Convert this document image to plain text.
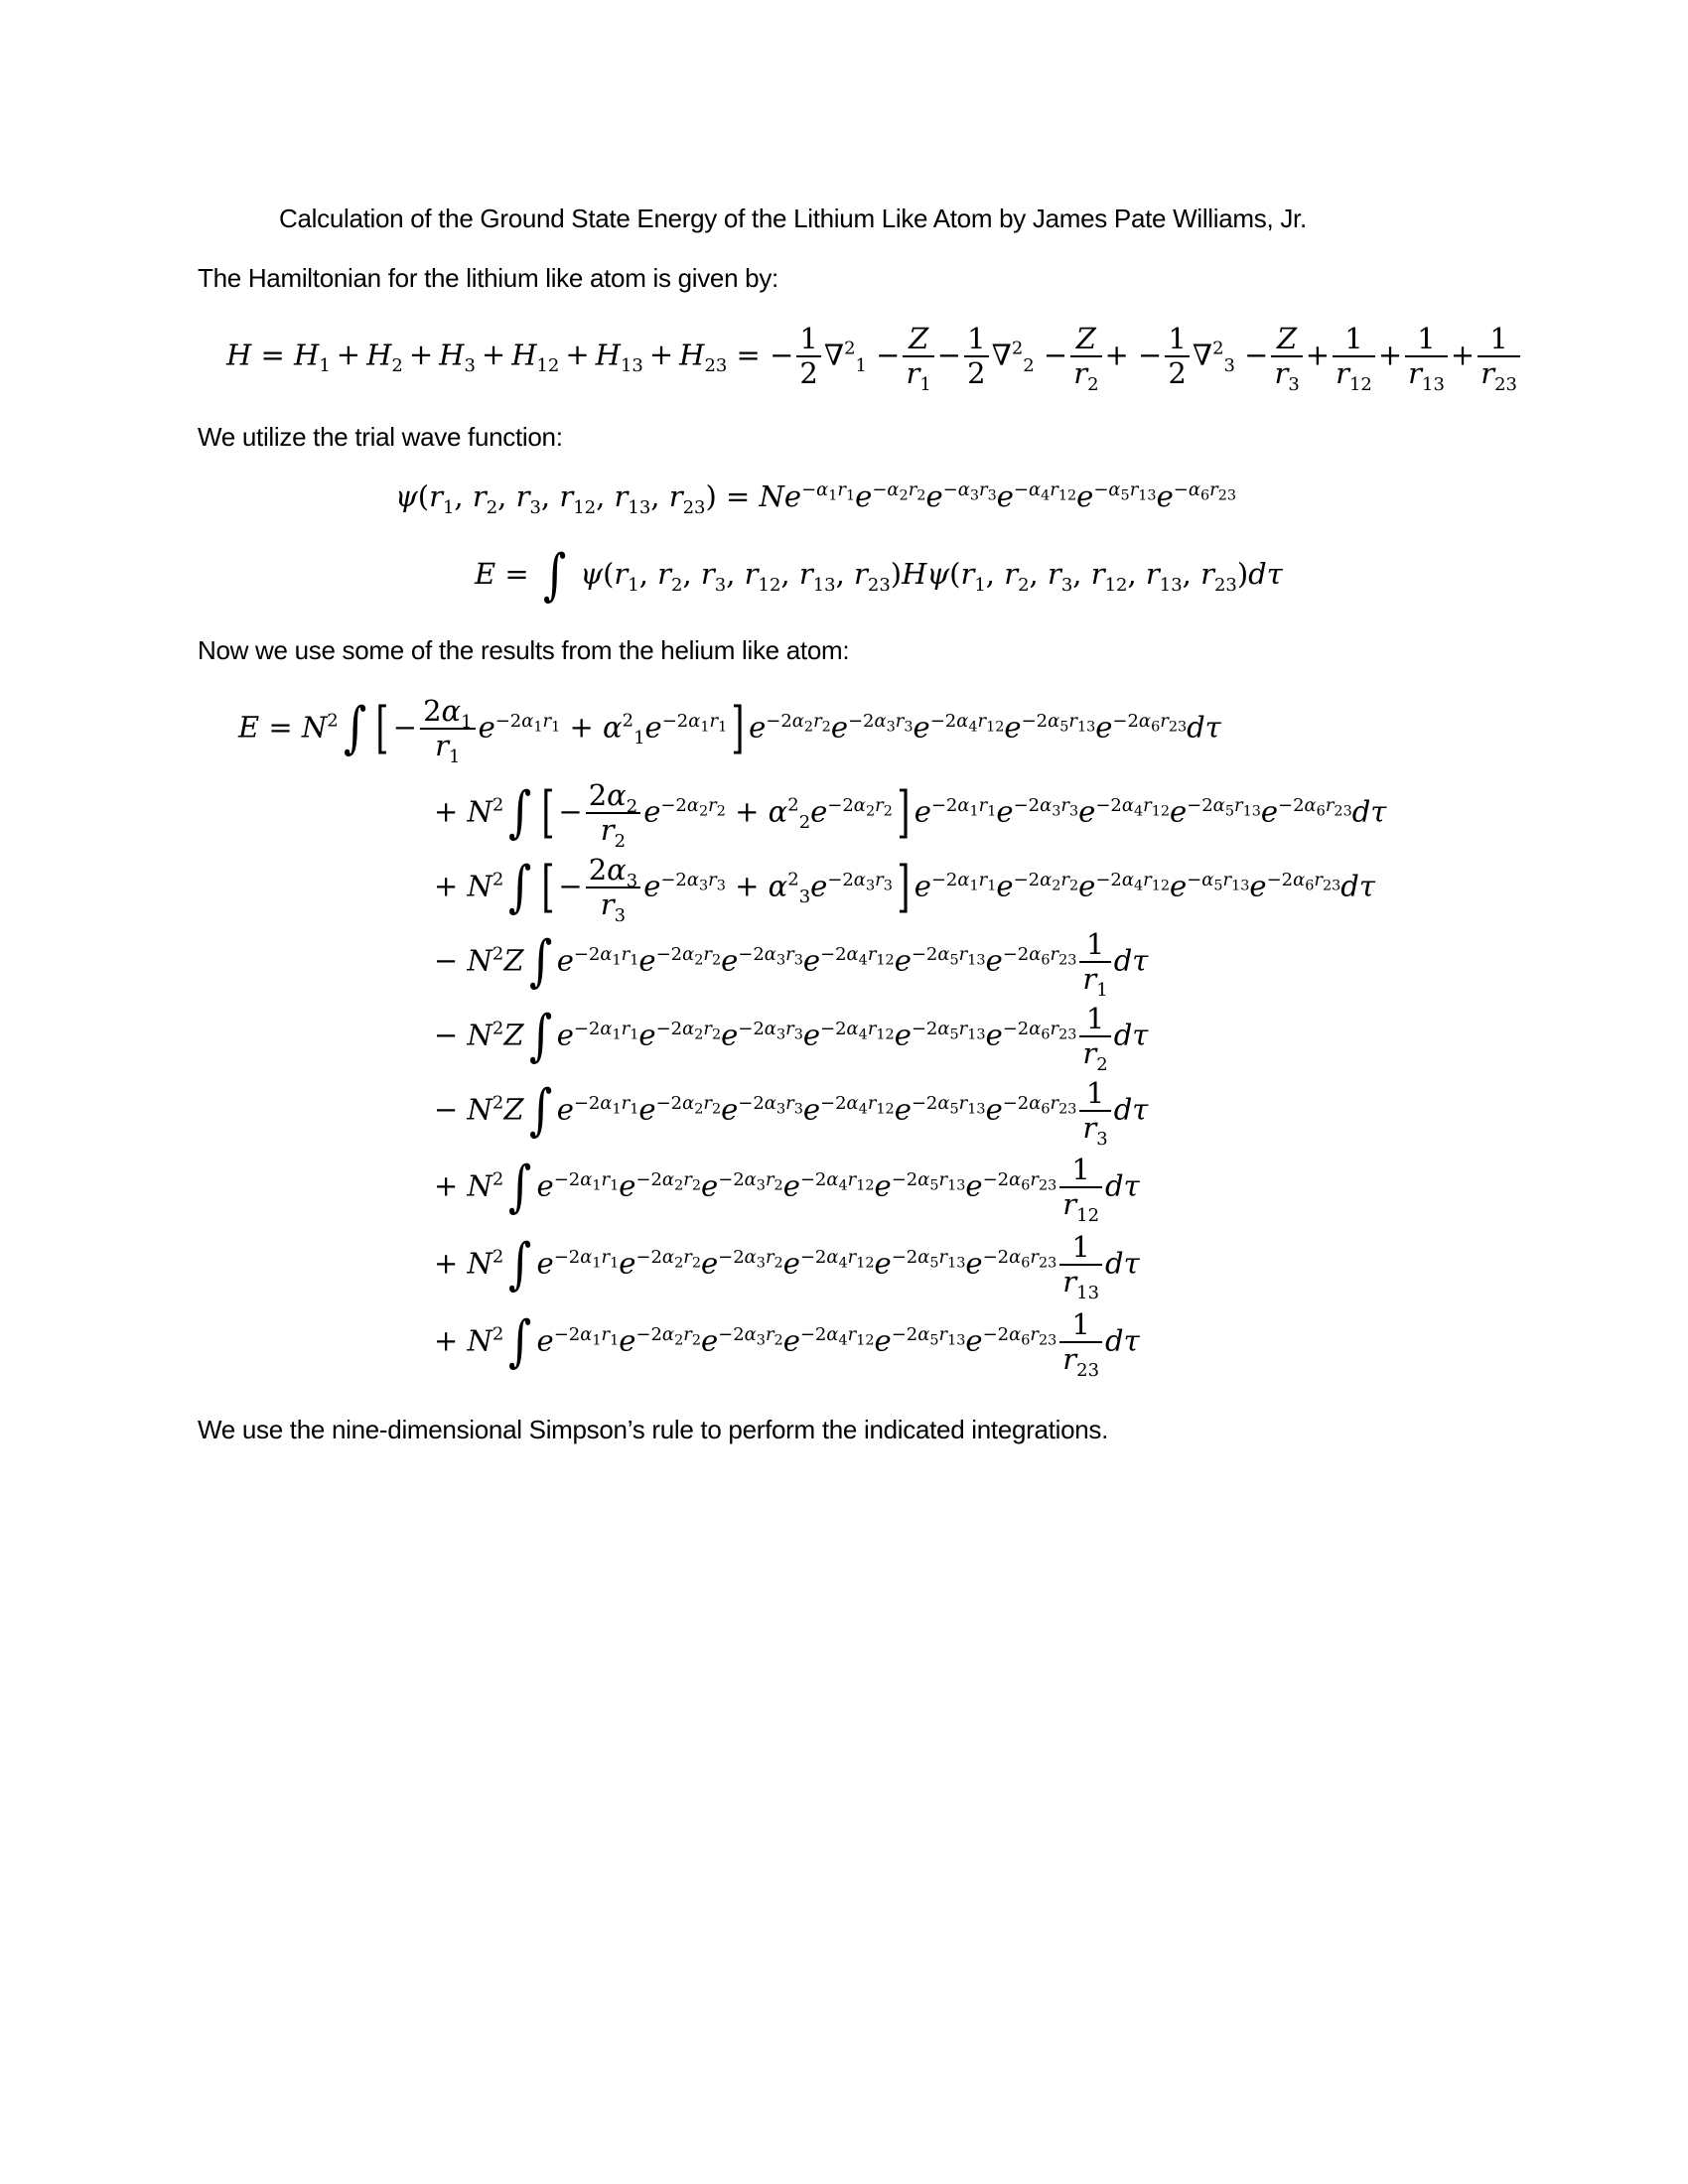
Calculation of the Ground State Energy of the Lithium Like Atom by James Pate Williams, Jr.
The Hamiltonian for the lithium like atom is given by:
$H = H_1 + H_2 + H_3 + H_{12} + H_{13} + H_{23}$ = − $\frac{1}{2} \nabla^2_1 - \frac{Z}{r_1} - \frac{1}{2} \nabla^2_2 - \frac{Z}{r_2}$ + − $\frac{1}{2} \nabla^2_3 - \frac{Z}{r_3} + \frac{1}{r_{12}} + \frac{1}{r_{13}} + \frac{1}{r_{23}}$
We utilize the trial wave function:
$\psi(r_1$, $r_2$, $r_3$, $r_{12}$, $r_{13}$, $r_{23}) = Ne^{-\alpha_1r_1}e^{-\alpha_2r_2}e^{-\alpha_3r_3}e^{-\alpha_4r_{12}}e^{-\alpha_5r_{13}}e^{-\alpha_6r_{23}}$
E = ∫ $\psi(r_1$, $r_2$, $r_3$, $r_{12}$, $r_{13}$, $r_{23})H\psi(r_1$, $r_2$, $r_3$, $r_{12}$, $r_{13}$, $r_{23})d\tau$
Now we use some of the results from the helium like atom:
$E = N^2\int$ [ − $\frac{2\alpha_1}{r_1} e^{-2\alpha_1r_1} + \alpha^2_1e^{-2\alpha_1r_1}$] $e^{-2\alpha_2r_2}e^{-2\alpha_3r_3}e^{-2\alpha_4r_{12}}e^{-2\alpha_5r_{13}}e^{-2\alpha_6r_{23}}d\tau$
+ $N^2\int$ [ − $\frac{2\alpha_2}{r_2} e^{-2\alpha_2r_2} + \alpha^2_2e^{-2\alpha_2r_2}$] $e^{-2\alpha_1r_1}e^{-2\alpha_3r_3}e^{-2\alpha_4r_{12}}e^{-2\alpha_5r_{13}}e^{-2\alpha_6r_{23}}d\tau$
+ $N^2\int$ [ − $\frac{2\alpha_3}{r_3} e^{-2\alpha_3r_3} + \alpha^2_3e^{-2\alpha_3r_3}$] $e^{-2\alpha_1r_1}e^{-2\alpha_2r_2}e^{-2\alpha_4r_{12}}e^{-\alpha_5r_{13}}e^{-2\alpha_6r_{23}}d\tau$
− $N^2Z\int$ $e^{-2\alpha_1r_1}e^{-2\alpha_2r_2}e^{-2\alpha_3r_3}e^{-2\alpha_4r_{12}}e^{-2\alpha_5r_{13}}e^{-2\alpha_6r_{23}} \frac{1}{r_1}$ dτ
− $N^2Z\int$ $e^{-2\alpha_1r_1}e^{-2\alpha_2r_2}e^{-2\alpha_3r_3}e^{-2\alpha_4r_{12}}e^{-2\alpha_5r_{13}}e^{-2\alpha_6r_{23}} \frac{1}{r_2}$ dτ
− $N^2Z\int$ $e^{-2\alpha_1r_1}e^{-2\alpha_2r_2}e^{-2\alpha_3r_3}e^{-2\alpha_4r_{12}}e^{-2\alpha_5r_{13}}e^{-2\alpha_6r_{23}} \frac{1}{r_3}$ dτ
+ $N^2\int$ $e^{-2\alpha_1r_1}e^{-2\alpha_2r_2}e^{-2\alpha_3r_2}e^{-2\alpha_4r_{12}}e^{-2\alpha_5r_{13}}e^{-2\alpha_6r_{23}} \frac{1}{r_{12}}$ dτ
+ $N^2\int$ $e^{-2\alpha_1r_1}e^{-2\alpha_2r_2}e^{-2\alpha_3r_2}e^{-2\alpha_4r_{12}}e^{-2\alpha_5r_{13}}e^{-2\alpha_6r_{23}} \frac{1}{r_{13}}$ dτ
+ $N^2\int$ $e^{-2\alpha_1r_1}e^{-2\alpha_2r_2}e^{-2\alpha_3r_2}e^{-2\alpha_4r_{12}}e^{-2\alpha_5r_{13}}e^{-2\alpha_6r_{23}} \frac{1}{r_{23}}$ dτ
We use the nine-dimensional Simpson’s rule to perform the indicated integrations.
